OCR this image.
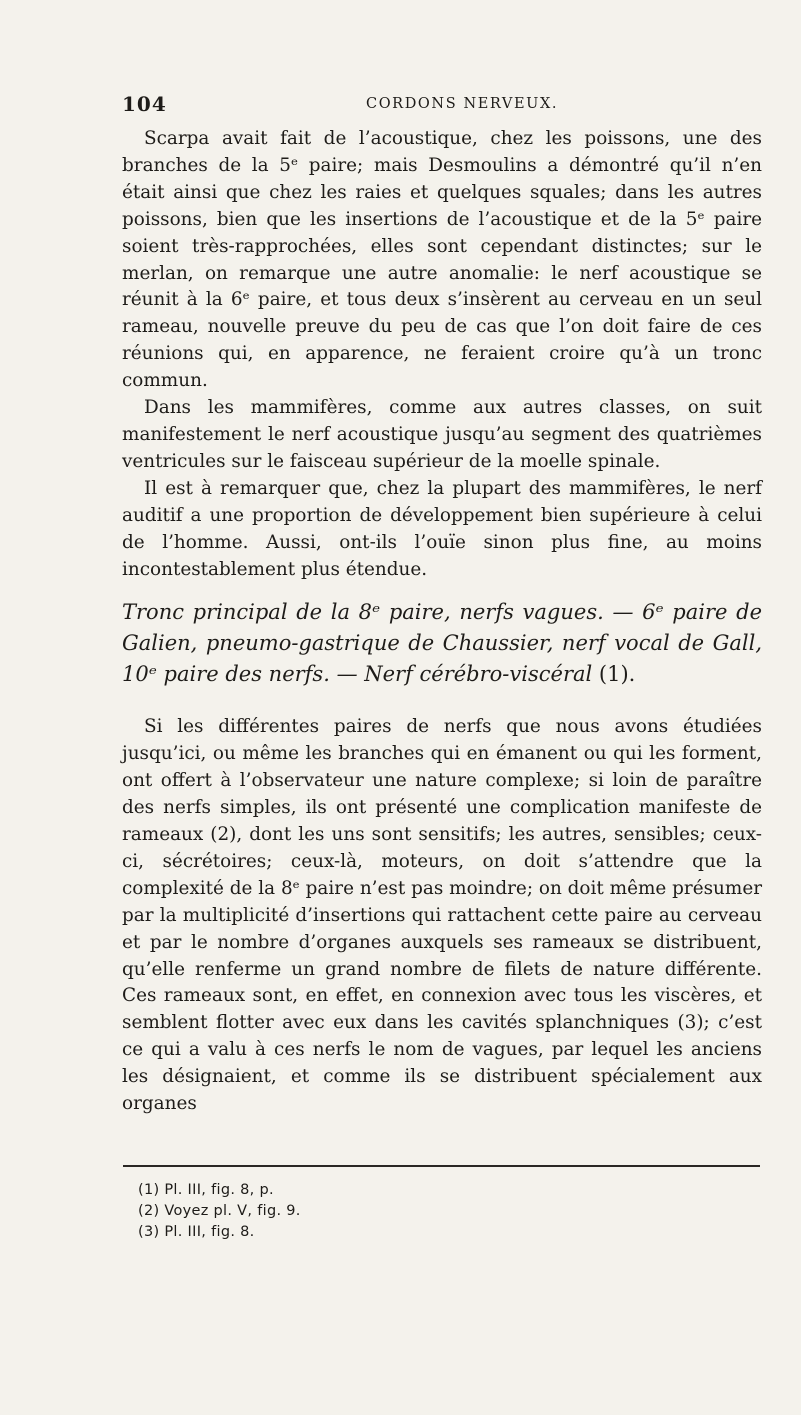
104	CORDONS NERVEUX.

Scarpa avait fait de l’acoustique, chez les poissons, une des branches de la 5ᵉ paire; mais Desmoulins a démontré qu’il n’en était ainsi que chez les raies et quelques squales; dans les autres poissons, bien que les insertions de l’acoustique et de la 5ᵉ paire soient très-rapprochées, elles sont cependant distinctes; sur le merlan, on remarque une autre anomalie: le nerf acoustique se réunit à la 6ᵉ paire, et tous deux s’insèrent au cerveau en un seul rameau, nouvelle preuve du peu de cas que l’on doit faire de ces réunions qui, en apparence, ne feraient croire qu’à un tronc commun.

Dans les mammifères, comme aux autres classes, on suit manifestement le nerf acoustique jusqu’au segment des quatrièmes ventricules sur le faisceau supérieur de la moelle spinale.

Il est à remarquer que, chez la plupart des mammifères, le nerf auditif a une proportion de développement bien supérieure à celui de l’homme. Aussi, ont-ils l’ouïe sinon plus fine, au moins incontestablement plus étendue.

Tronc principal de la 8ᵉ paire, nerfs vagues. — 6ᵉ paire de Galien, pneumo-gastrique de Chaussier, nerf vocal de Gall, 10ᵉ paire des nerfs. — Nerf cérébro-viscéral (1).

Si les différentes paires de nerfs que nous avons étudiées jusqu’ici, ou même les branches qui en émanent ou qui les forment, ont offert à l’observateur une nature complexe; si loin de paraître des nerfs simples, ils ont présenté une complication manifeste de rameaux (2), dont les uns sont sensitifs; les autres, sensibles; ceux-ci, sécrétoires; ceux-là, moteurs, on doit s’attendre que la complexité de la 8ᵉ paire n’est pas moindre; on doit même présumer par la multiplicité d’insertions qui rattachent cette paire au cerveau et par le nombre d’organes auxquels ses rameaux se distribuent, qu’elle renferme un grand nombre de filets de nature différente. Ces rameaux sont, en effet, en connexion avec tous les viscères, et semblent flotter avec eux dans les cavités splanchniques (3); c’est ce qui a valu à ces nerfs le nom de vagues, par lequel les anciens les désignaient, et comme ils se distribuent spécialement aux organes

(1) Pl. III, fig. 8, p.
(2) Voyez pl. V, fig. 9.
(3) Pl. III, fig. 8.
